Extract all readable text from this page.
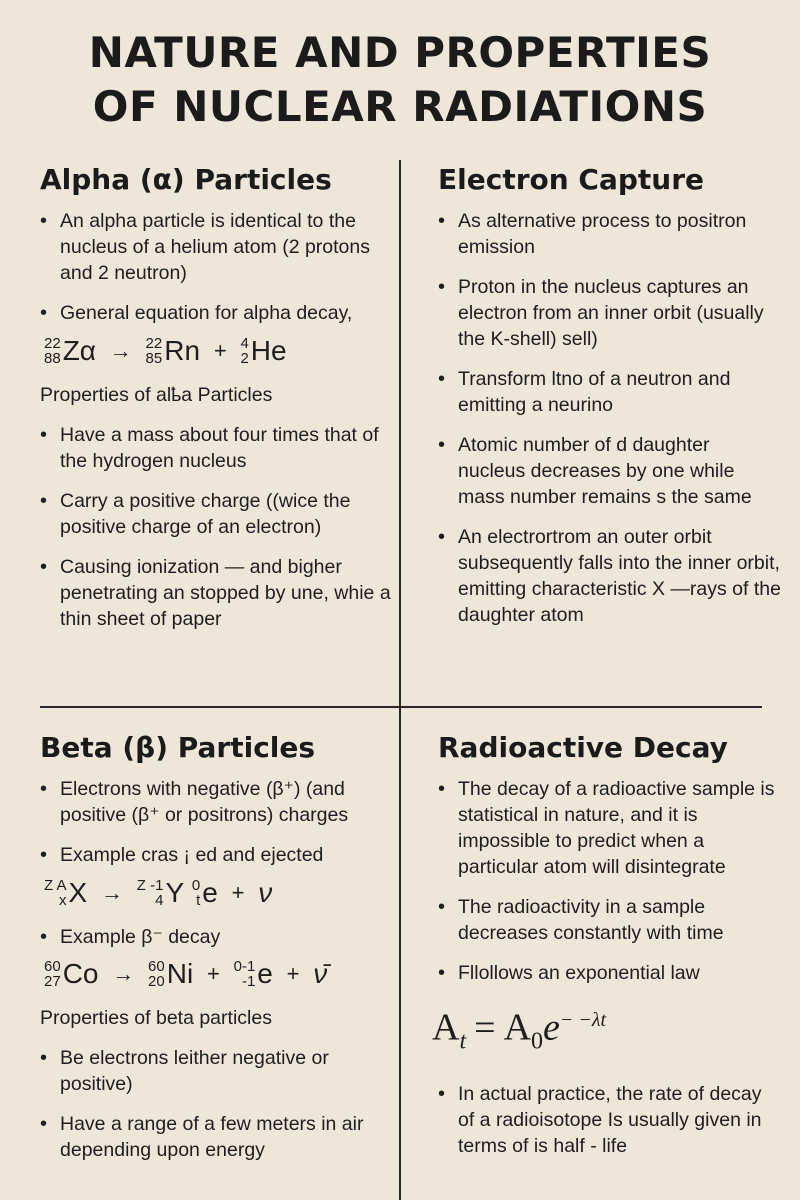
NATURE AND PROPERTIES
OF NUCLEAR RADIATIONS
Alpha (α) Particles
• An alpha particle is identical to the nucleus of a helium atom (2 protons and 2 neutron)
• General equation for alpha decay,
22
88 Zα → 22
85 Rn + 4
2 He
Properties of alҍa Particles
• Have a mass about four times that of the hydrogen nucleus
• Carry a positive charge ((wice the positive charge of an electron)
• Causing ionization — and bigher penetrating an stopped by une, whie a thin sheet of paper
Electron Capture
• As alternative process to positron emission
• Proton in the nucleus captures an electron from an inner orbit (usually the K-shell) sell)
• Transform ltno of a neutron and emitting a neurino
• Atomic number of d daughter nucleus decreases by one while mass number remains s the same
• An electrortrom an outer orbit subsequently falls into the inner orbit, emitting characteristic X —rays of the daughter atom
Beta (β) Particles
• Electrons with negative (β⁺) (and positive (β⁺ or positrons) charges
• Example cras ¡ ed and ejected
Z A
x X → Z -1
4 Y 0
t e + ν
• Example β⁻ decay
60
27 Co → 60
20 Ni + 0-1
-1 e + ν̄
Properties of beta particles
• Be electrons leither negative or positive)
• Have a range of a few meters in air depending upon energy
Radioactive Decay
• The decay of a radioactive sample is statistical in nature, and it is impossible to predict when a particular atom will disintegrate
• The radioactivity in a sample decreases constantly with time
• Fllollows an exponential law
$A_t = A_0e^{- -\lambda t}$
• In actual practice, the rate of decay of a radioisotope Is usually given in terms of is half - life
